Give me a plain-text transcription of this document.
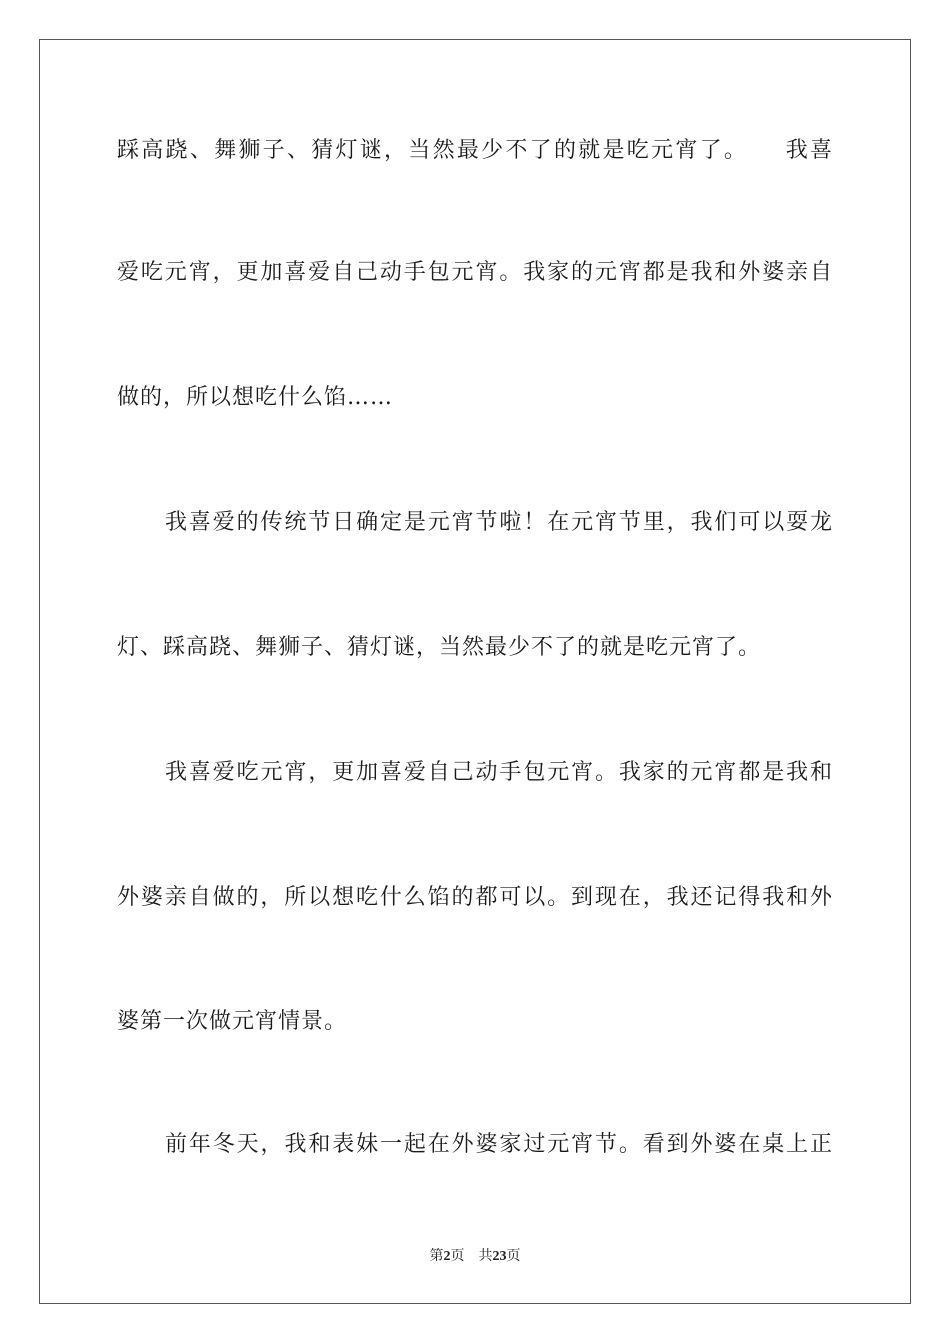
踩高跷、舞狮子、猜灯谜，当然最少不了的就是吃元宵了。　　我喜
爱吃元宵，更加喜爱自己动手包元宵。我家的元宵都是我和外婆亲自
做的，所以想吃什么馅……
我喜爱的传统节日确定是元宵节啦！在元宵节里，我们可以耍龙
灯、踩高跷、舞狮子、猜灯谜，当然最少不了的就是吃元宵了。
我喜爱吃元宵，更加喜爱自己动手包元宵。我家的元宵都是我和
外婆亲自做的，所以想吃什么馅的都可以。到现在，我还记得我和外
婆第一次做元宵情景。
前年冬天，我和表妹一起在外婆家过元宵节。看到外婆在桌上正
第2页 共23页
